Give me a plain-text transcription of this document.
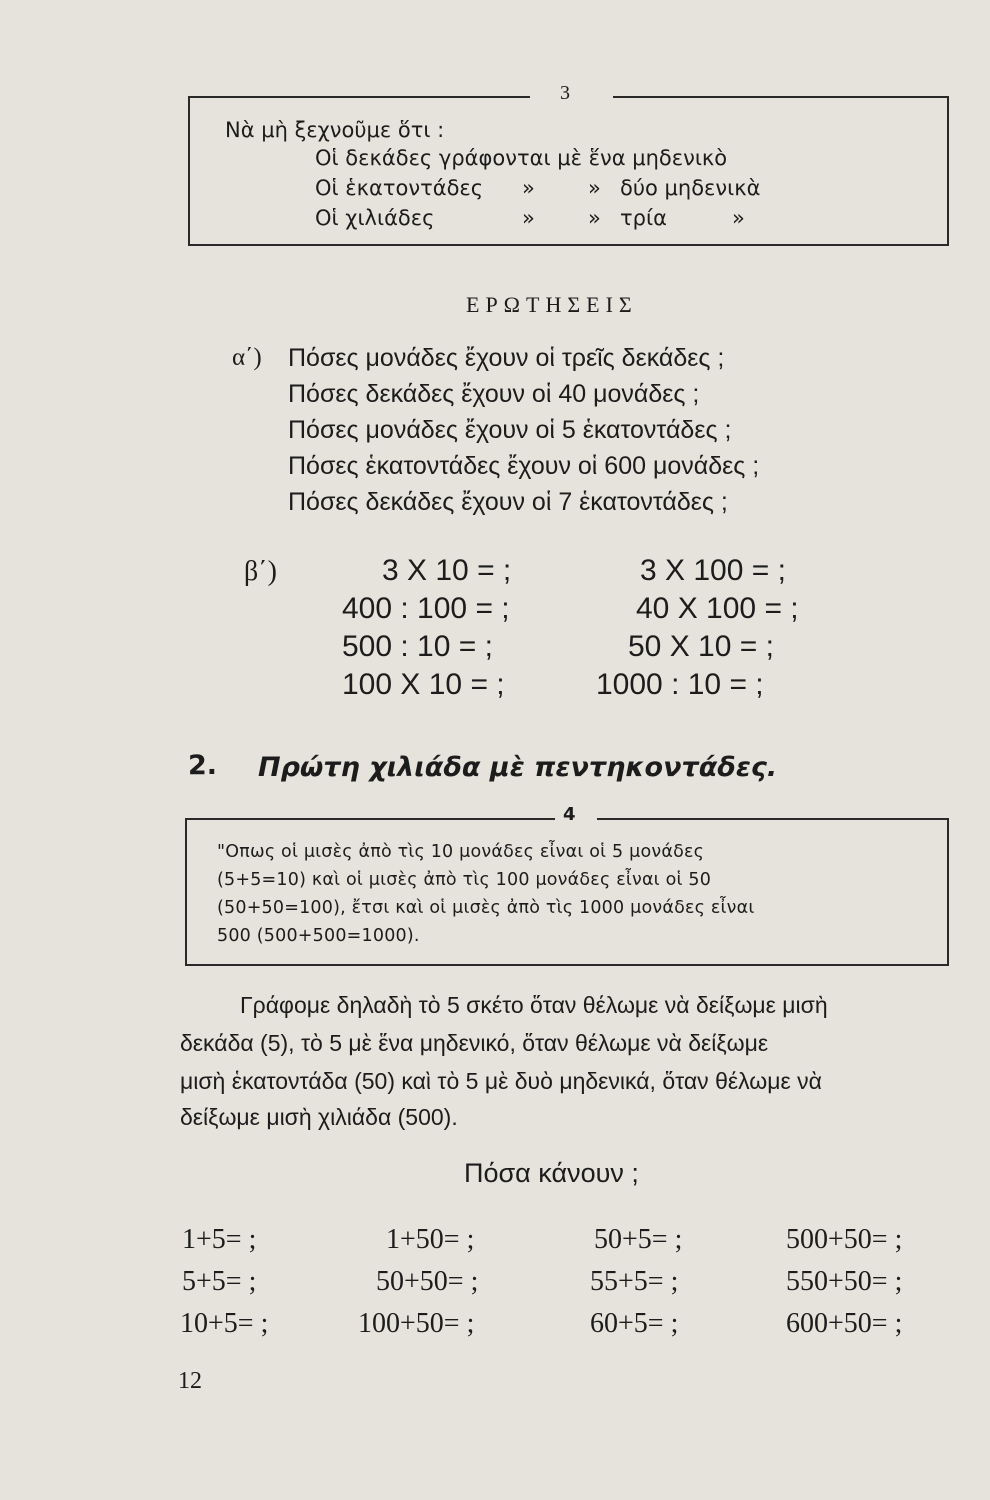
3
Νὰ μὴ ξεχνοῦμε ὅτι :
Οἱ δεκάδες γράφονται μὲ ἕνα μηδενικὸ
Οἱ ἑκατοντάδες »	» δύο μηδενικὰ
Οἱ χιλιάδες	»	» τρία	»
ΕΡΩΤΗΣΕΙΣ
α΄) Πόσες μονάδες ἔχουν οἱ τρεῖς δεκάδες ;
Πόσες δεκάδες ἔχουν οἱ 40 μονάδες ;
Πόσες μονάδες ἔχουν οἱ 5 ἑκατοντάδες ;
Πόσες ἑκατοντάδες ἔχουν οἱ 600 μονάδες ;
Πόσες δεκάδες ἔχουν οἱ 7 ἑκατοντάδες ;
β΄)	3 X 10 = ;	3 X 100 = ;
400 : 100 = ;	40 X 100 = ;
500 : 10 = ;	50 X 10 = ;
100 X 10 = ;	1000 : 10 = ;
2. Πρώτη χιλιάδα μὲ πεντηκοντάδες.
4
"Οπως οἱ μισὲς ἀπὸ τὶς 10 μονάδες εἶναι οἱ 5 μονάδες
(5+5=10) καὶ οἱ μισὲς ἀπὸ τὶς 100 μονάδες εἶναι οἱ 50
(50+50=100), ἔτσι καὶ οἱ μισὲς ἀπὸ τὶς 1000 μονάδες εἶναι
500 (500+500=1000).
Γράφομε δηλαδὴ τὸ 5 σκέτο ὅταν θέλωμε νὰ δείξωμε μισὴ
δεκάδα (5), τὸ 5 μὲ ἕνα μηδενικό, ὅταν θέλωμε νὰ δείξωμε
μισὴ ἑκατοντάδα (50) καὶ τὸ 5 μὲ δυὸ μηδενικά, ὅταν θέλωμε νὰ
δείξωμε μισὴ χιλιάδα (500).
Πόσα κάνουν ;
1+5= ;	1+50= ;	50+5= ;	500+50= ;
5+5= ;	50+50= ;	55+5= ;	550+50= ;
10+5= ;	100+50= ;	60+5= ;	600+50= ;
12
